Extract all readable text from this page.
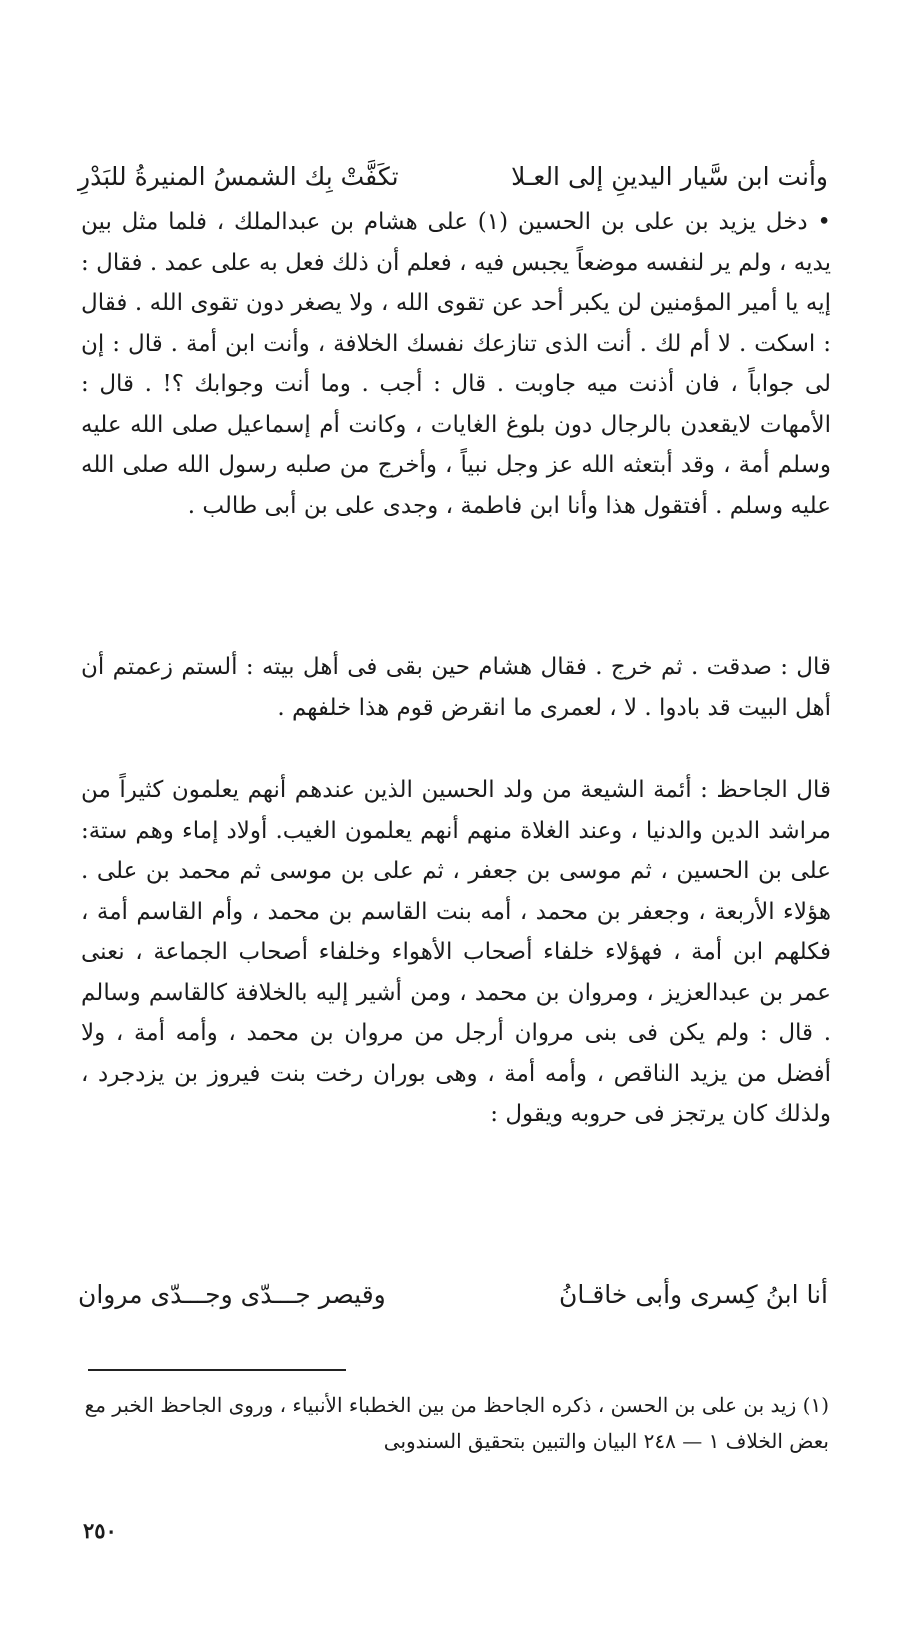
وأنت ابن سَّيار اليدينِ إلى العـلا
تكَفَّتْ بِك الشمسُ المنيرةُ للبَدْرِ

• دخل يزيد بن على بن الحسين (١) على هشام بن عبدالملك ، فلما مثل بين يديه ، ولم ير لنفسه موضعاً يجبس فيه ، فعلم أن ذلك فعل به على عمد . فقال : إيه يا أمير المؤمنين لن يكبر أحد عن تقوى الله ، ولا يصغر دون تقوى الله . فقال : اسكت . لا أم لك . أنت الذى تنازعك نفسك الخلافة ، وأنت ابن أمة . قال : إن لى جواباً ، فان أذنت ميه جاوبت . قال : أجب . وما أنت وجوابك ؟! . قال : الأمهات لايقعدن بالرجال دون بلوغ الغايات ، وكانت أم إسماعيل صلى الله عليه وسلم أمة ، وقد أبتعثه الله عز وجل نبياً ، وأخرج من صلبه رسول الله صلى الله عليه وسلم . أفتقول هذا وأنا ابن فاطمة ، وجدى على بن أبى طالب .

قال : صدقت . ثم خرج . فقال هشام حين بقى فى أهل بيته : ألستم زعمتم أن أهل البيت قد بادوا . لا ، لعمرى ما انقرض قوم هذا خلفهم .

قال الجاحظ : أئمة الشيعة من ولد الحسين الذين عندهم أنهم يعلمون كثيراً من مراشد الدين والدنيا ، وعند الغلاة منهم أنهم يعلمون الغيب. أولاد إماء وهم ستة: على بن الحسين ، ثم موسى بن جعفر ، ثم على بن موسى ثم محمد بن على . هؤلاء الأربعة ، وجعفر بن محمد ، أمه بنت القاسم بن محمد ، وأم القاسم أمة ، فكلهم ابن أمة ، فهؤلاء خلفاء أصحاب الأهواء وخلفاء أصحاب الجماعة ، نعنى عمر بن عبدالعزيز ، ومروان بن محمد ، ومن أشير إليه بالخلافة كالقاسم وسالم . قال : ولم يكن فى بنى مروان أرجل من مروان بن محمد ، وأمه أمة ، ولا أفضل من يزيد الناقص ، وأمه أمة ، وهى بوران رخت بنت فيروز بن يزدجرد ، ولذلك كان يرتجز فى حروبه ويقول :

أنا ابنُ كِسرى وأبى خاقـانُ
وقيصر جـــدّى وجـــدّى مروان

(١) زيد بن على بن الحسن ، ذكره الجاحظ من بين الخطباء الأنبياء ، وروى الجاحظ الخبر مع بعض الخلاف ١ — ٢٤٨ البيان والتبين بتحقيق السندوبى

٢٥٠
